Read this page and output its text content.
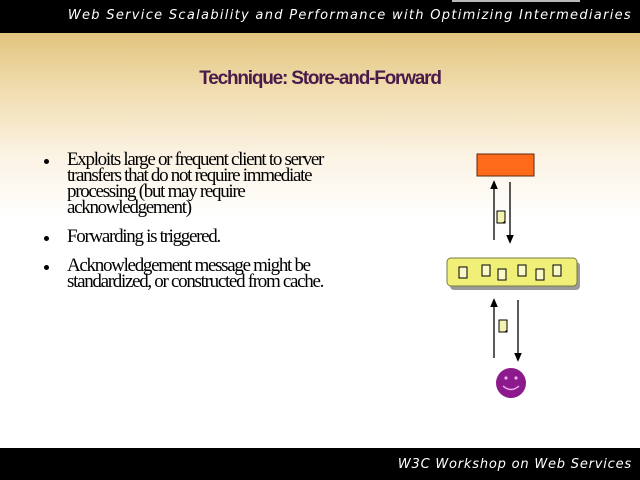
Web Service Scalability and Performance with Optimizing Intermediaries
Technique: Store-and-Forward
Exploits large or frequent client to server transfers that do not require immediate processing (but may require acknowledgement)
Forwarding is triggered.
Acknowledgement message might be standardized, or constructed from cache.
W3C Workshop on Web Services
